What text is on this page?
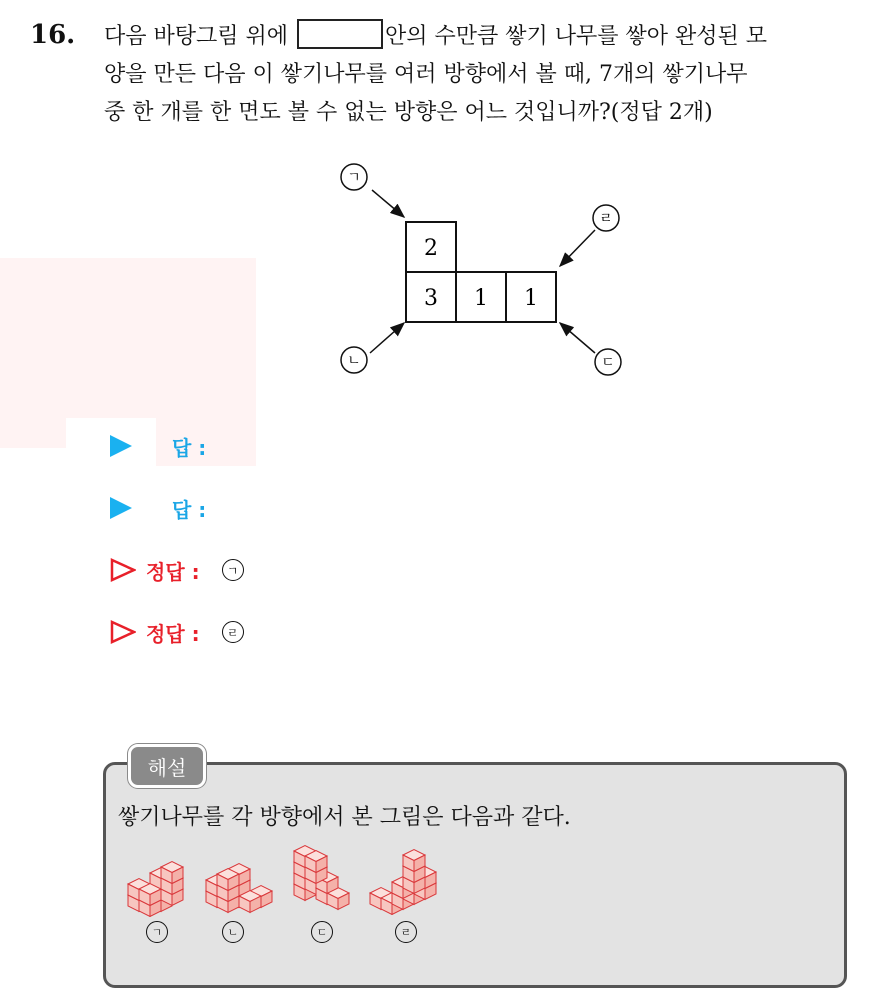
16. 다음 바탕그림 위에	안의 수만큼 쌓기 나무를 쌓아 완성된 모
양을 만든 다음 이 쌓기나무를 여러 방향에서 볼 때, 7개의 쌓기나무
중 한 개를 한 면도 볼 수 없는 방향은 어느 것입니까?(정답 2개)
2
3 1 1
ㄱ
ㄴ	ㄷ
ㄹ
답 :
답 :
정답 :	ㄱ
정답 :	ㄹ
해설
쌓기나무를 각 방향에서 본 그림은 다음과 같다.
ㄱ	ㄴ	ㄷ	ㄹ
